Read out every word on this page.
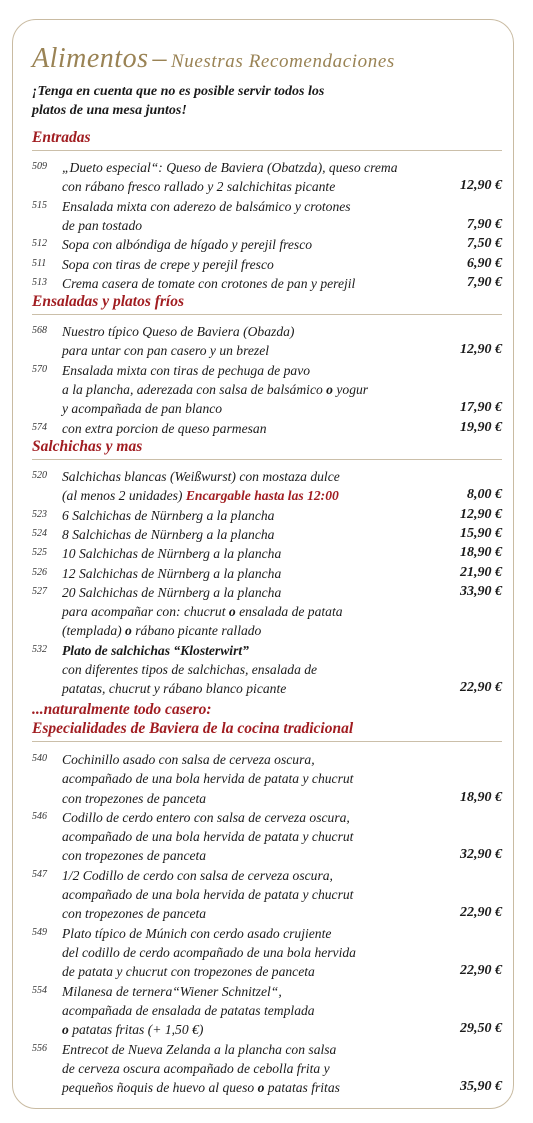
Alimentos – Nuestras Recomendaciones
¡Tenga en cuenta que no es posible servir todos los
platos de una mesa juntos!
Entradas
509 „Dueto especial“: Queso de Baviera (Obatzda), queso crema
con rábano fresco rallado y 2 salchichitas picante	12,90 €
515 Ensalada mixta con aderezo de balsámico y crotones
de pan tostado	7,90 €
512 Sopa con albóndiga de hígado y perejil fresco	7,50 €
511 Sopa con tiras de crepe y perejil fresco	6,90 €
513 Crema casera de tomate con crotones de pan y perejil	7,90 €
Ensaladas y platos fríos
568 Nuestro típico Queso de Baviera (Obazda)
para untar con pan casero y un brezel	12,90 €
570 Ensalada mixta con tiras de pechuga de pavo
a la plancha, aderezada con salsa de balsámico o yogur
y acompañada de pan blanco	17,90 €
574 con extra porcion de queso parmesan	19,90 €
Salchichas y mas
520 Salchichas blancas (Weißwurst) con mostaza dulce
(al menos 2 unidades) Encargable hasta las 12:00	8,00 €
523 6 Salchichas de Nürnberg a la plancha	12,90 €
524 8 Salchichas de Nürnberg a la plancha	15,90 €
525 10 Salchichas de Nürnberg a la plancha	18,90 €
526 12 Salchichas de Nürnberg a la plancha	21,90 €
527 20 Salchichas de Nürnberg a la plancha
para acompañar con: chucrut o ensalada de patata
(templada) o rábano picante rallado
33,90 €
532 Plato de salchichas “Klosterwirt”
con diferentes tipos de salchichas, ensalada de
patatas, chucrut y rábano blanco picante	22,90 €
...naturalmente todo casero:
Especialidades de Baviera de la cocina tradicional
540 Cochinillo asado con salsa de cerveza oscura,
acompañado de una bola hervida de patata y chucrut
con tropezones de panceta	18,90 €
546 Codillo de cerdo entero con salsa de cerveza oscura,
acompañado de una bola hervida de patata y chucrut
con tropezones de panceta	32,90 €
547 1/2 Codillo de cerdo con salsa de cerveza oscura,
acompañado de una bola hervida de patata y chucrut
con tropezones de panceta	22,90 €
549 Plato típico de Múnich con cerdo asado crujiente
del codillo de cerdo acompañado de una bola hervida
de patata y chucrut con tropezones de panceta	22,90 €
554 Milanesa de ternera“Wiener Schnitzel“,
acompañada de ensalada de patatas templada
o patatas fritas (+ 1,50 €)	29,50 €
556 Entrecot de Nueva Zelanda a la plancha con salsa
de cerveza oscura acompañado de cebolla frita y
pequeños ñoquis de huevo al queso o patatas fritas	35,90 €
